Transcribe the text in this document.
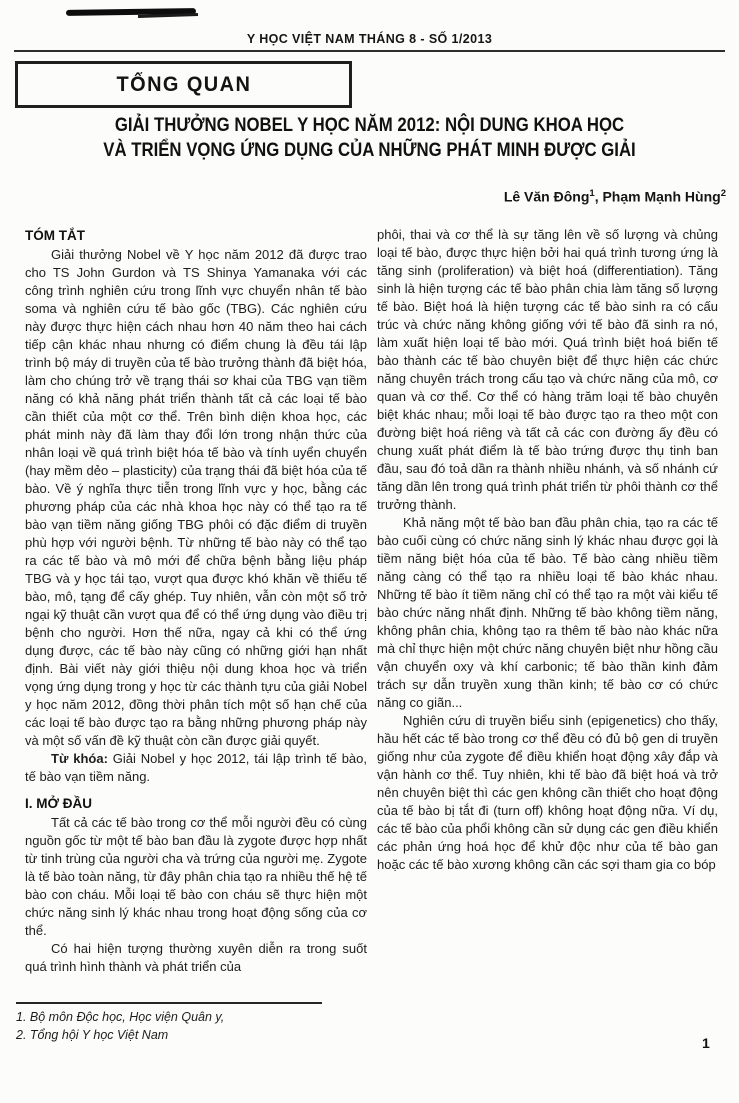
Y HỌC VIỆT NAM THÁNG 8 - SỐ 1/2013
TỔNG QUAN
GIẢI THƯỞNG NOBEL Y HỌC NĂM 2012: NỘI DUNG KHOA HỌC
VÀ TRIỂN VỌNG ỨNG DỤNG CỦA NHỮNG PHÁT MINH ĐƯỢC GIẢI
Lê Văn Đông$^1$, Phạm Mạnh Hùng$^2$
TÓM TẮT

Giải thưởng Nobel về Y học năm 2012 đã được trao cho TS John Gurdon và TS Shinya Yamanaka với các công trình nghiên cứu trong lĩnh vực chuyển nhân tế bào soma và nghiên cứu tế bào gốc (TBG). Các nghiên cứu này được thực hiện cách nhau hơn 40 năm theo hai cách tiếp cận khác nhau nhưng có điểm chung là đều tái lập trình bộ máy di truyền của tế bào trưởng thành đã biệt hóa, làm cho chúng trở về trạng thái sơ khai của TBG vạn tiềm năng có khả năng phát triển thành tất cả các loại tế bào cần thiết của một cơ thể. Trên bình diện khoa học, các phát minh này đã làm thay đổi lớn trong nhận thức của nhân loại về quá trình biệt hóa tế bào và tính uyển chuyển (hay mềm dẻo – plasticity) của trạng thái đã biệt hóa của tế bào. Về ý nghĩa thực tiễn trong lĩnh vực y học, bằng các phương pháp của các nhà khoa học này có thể tạo ra tế bào vạn tiềm năng giống TBG phôi có đặc điểm di truyền phù hợp với người bệnh. Từ những tế bào này có thể tạo ra các tế bào và mô mới để chữa bệnh bằng liệu pháp TBG và y học tái tạo, vượt qua được khó khăn về thiếu tế bào, mô, tạng để cấy ghép. Tuy nhiên, vẫn còn một số trở ngại kỹ thuật cần vượt qua để có thể ứng dụng vào điều trị bệnh cho người. Hơn thế nữa, ngay cả khi có thể ứng dụng được, các tế bào này cũng có những giới hạn nhất định. Bài viết này giới thiệu nội dung khoa học và triển vọng ứng dụng trong y học từ các thành tựu của giải Nobel y học năm 2012, đồng thời phân tích một số hạn chế của các loại tế bào được tạo ra bằng những phương pháp này và một số vấn đề kỹ thuật còn cần được giải quyết.

Từ khóa: Giải Nobel y học 2012, tái lập trình tế bào, tế bào vạn tiềm năng.

I. MỞ ĐẦU

Tất cả các tế bào trong cơ thể mỗi người đều có cùng nguồn gốc từ một tế bào ban đầu là zygote được hợp nhất từ tinh trùng của người cha và trứng của người mẹ. Zygote là tế bào toàn năng, từ đây phân chia tạo ra nhiều thế hệ tế bào con cháu. Mỗi loại tế bào con cháu sẽ thực hiện một chức năng sinh lý khác nhau trong hoạt động sống của cơ thể.

Có hai hiện tượng thường xuyên diễn ra trong suốt quá trình hình thành và phát triển của

phôi, thai và cơ thể là sự tăng lên về số lượng và chủng loại tế bào, được thực hiện bởi hai quá trình tương ứng là tăng sinh (proliferation) và biệt hoá (differentiation). Tăng sinh là hiện tượng các tế bào phân chia làm tăng số lượng tế bào. Biệt hoá là hiện tượng các tế bào sinh ra có cấu trúc và chức năng không giống với tế bào đã sinh ra nó, làm xuất hiện loại tế bào mới. Quá trình biệt hoá biến tế bào thành các tế bào chuyên biệt để thực hiện các chức năng chuyên trách trong cấu tạo và chức năng của mô, cơ quan và cơ thể. Cơ thể có hàng trăm loại tế bào chuyên biệt khác nhau; mỗi loại tế bào được tạo ra theo một con đường biệt hoá riêng và tất cả các con đường ấy đều có chung xuất phát điểm là tế bào trứng được thụ tinh ban đầu, sau đó toả dần ra thành nhiều nhánh, và số nhánh cứ tăng dần lên trong quá trình phát triển từ phôi thành cơ thể trưởng thành.

Khả năng một tế bào ban đầu phân chia, tạo ra các tế bào cuối cùng có chức năng sinh lý khác nhau được gọi là tiềm năng biệt hóa của tế bào. Tế bào càng nhiều tiềm năng càng có thể tạo ra nhiều loại tế bào khác nhau. Những tế bào ít tiềm năng chỉ có thể tạo ra một vài kiểu tế bào chức năng nhất định. Những tế bào không tiềm năng, không phân chia, không tạo ra thêm tế bào nào khác nữa mà chỉ thực hiện một chức năng chuyên biệt như hồng cầu vận chuyển oxy và khí carbonic; tế bào thần kinh đảm trách sự dẫn truyền xung thần kinh; tế bào cơ có chức năng co giãn...

Nghiên cứu di truyền biểu sinh (epigenetics) cho thấy, hầu hết các tế bào trong cơ thể đều có đủ bộ gen di truyền giống như của zygote để điều khiển hoạt động xây đắp và vận hành cơ thể. Tuy nhiên, khi tế bào đã biệt hoá và trở nên chuyên biệt thì các gen không cần thiết cho hoạt động của tế bào bị tắt đi (turn off) không hoạt động nữa. Ví dụ, các tế bào của phổi không cần sử dụng các gen điều khiển các phản ứng hoá học để khử độc như của tế bào gan hoặc các tế bào xương không cần các sợi tham gia co bóp

1. Bộ môn Độc học, Học viện Quân y,
2. Tổng hội Y học Việt Nam	1
